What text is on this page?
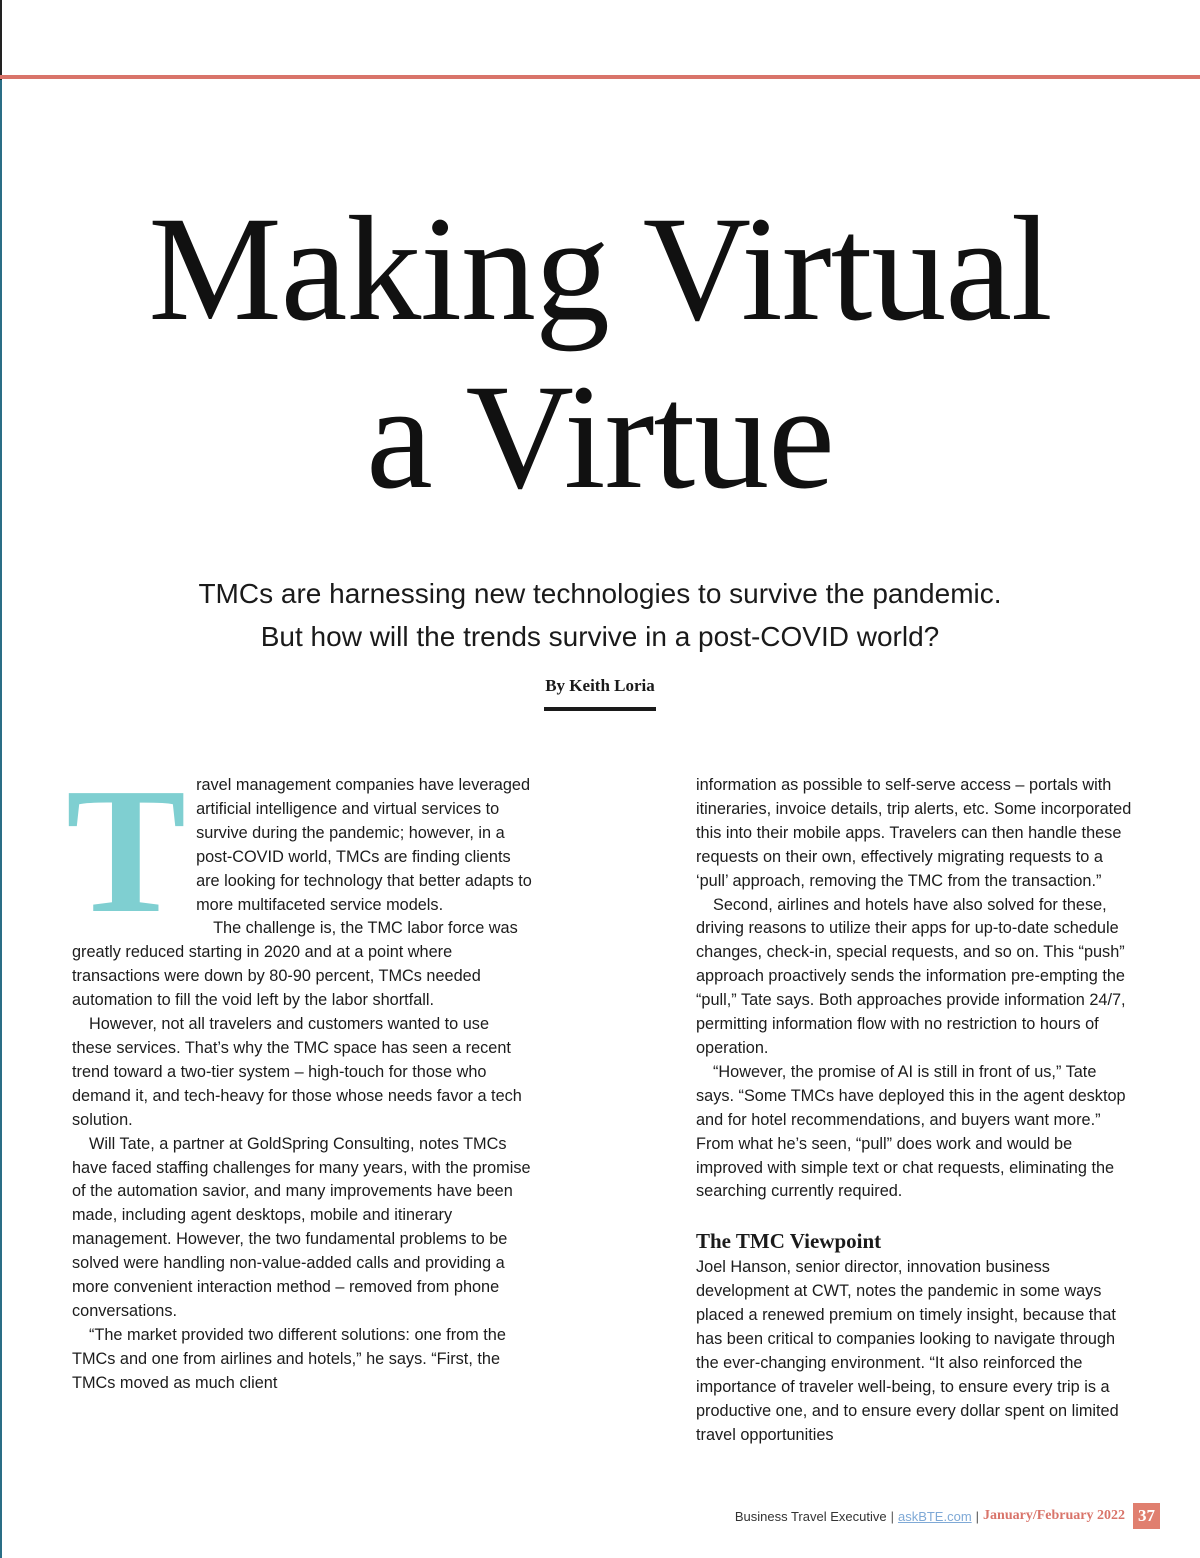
Making Virtual
a Virtue
TMCs are harnessing new technologies to survive the pandemic.
But how will the trends survive in a post-COVID world?
By Keith Loria
T ravel management companies have leveraged artificial intelligence and virtual services to survive during the pandemic; however, in a post-COVID world, TMCs are finding clients are looking for technology that better adapts to more multifaceted service models.

The challenge is, the TMC labor force was greatly reduced starting in 2020 and at a point where transactions were down by 80-90 percent, TMCs needed automation to fill the void left by the labor shortfall.

However, not all travelers and customers wanted to use these services. That’s why the TMC space has seen a recent trend toward a two-tier system – high-touch for those who demand it, and tech-heavy for those whose needs favor a tech solution.

Will Tate, a partner at GoldSpring Consulting, notes TMCs have faced staffing challenges for many years, with the promise of the automation savior, and many improvements have been made, including agent desktops, mobile and itinerary management. However, the two fundamental problems to be solved were handling non-value-added calls and providing a more convenient interaction method – removed from phone conversations.

“The market provided two different solutions: one from the TMCs and one from airlines and hotels,” he says. “First, the TMCs moved as much client

information as possible to self-serve access – portals with itineraries, invoice details, trip alerts, etc. Some incorporated this into their mobile apps. Travelers can then handle these requests on their own, effectively migrating requests to a ‘pull’ approach, removing the TMC from the transaction.”

Second, airlines and hotels have also solved for these, driving reasons to utilize their apps for up-to-date schedule changes, check-in, special requests, and so on. This “push” approach proactively sends the information pre-empting the “pull,” Tate says. Both approaches provide information 24/7, permitting information flow with no restriction to hours of operation.

“However, the promise of AI is still in front of us,” Tate says. “Some TMCs have deployed this in the agent desktop and for hotel recommendations, and buyers want more.” From what he’s seen, “pull” does work and would be improved with simple text or chat requests, eliminating the searching currently required.

The TMC Viewpoint

Joel Hanson, senior director, innovation business development at CWT, notes the pandemic in some ways placed a renewed premium on timely insight, because that has been critical to companies looking to navigate through the ever-changing environment. “It also reinforced the importance of traveler well-being, to ensure every trip is a productive one, and to ensure every dollar spent on limited travel opportunities

Business Travel Executive | askBTE.com | January/February 2022 37
